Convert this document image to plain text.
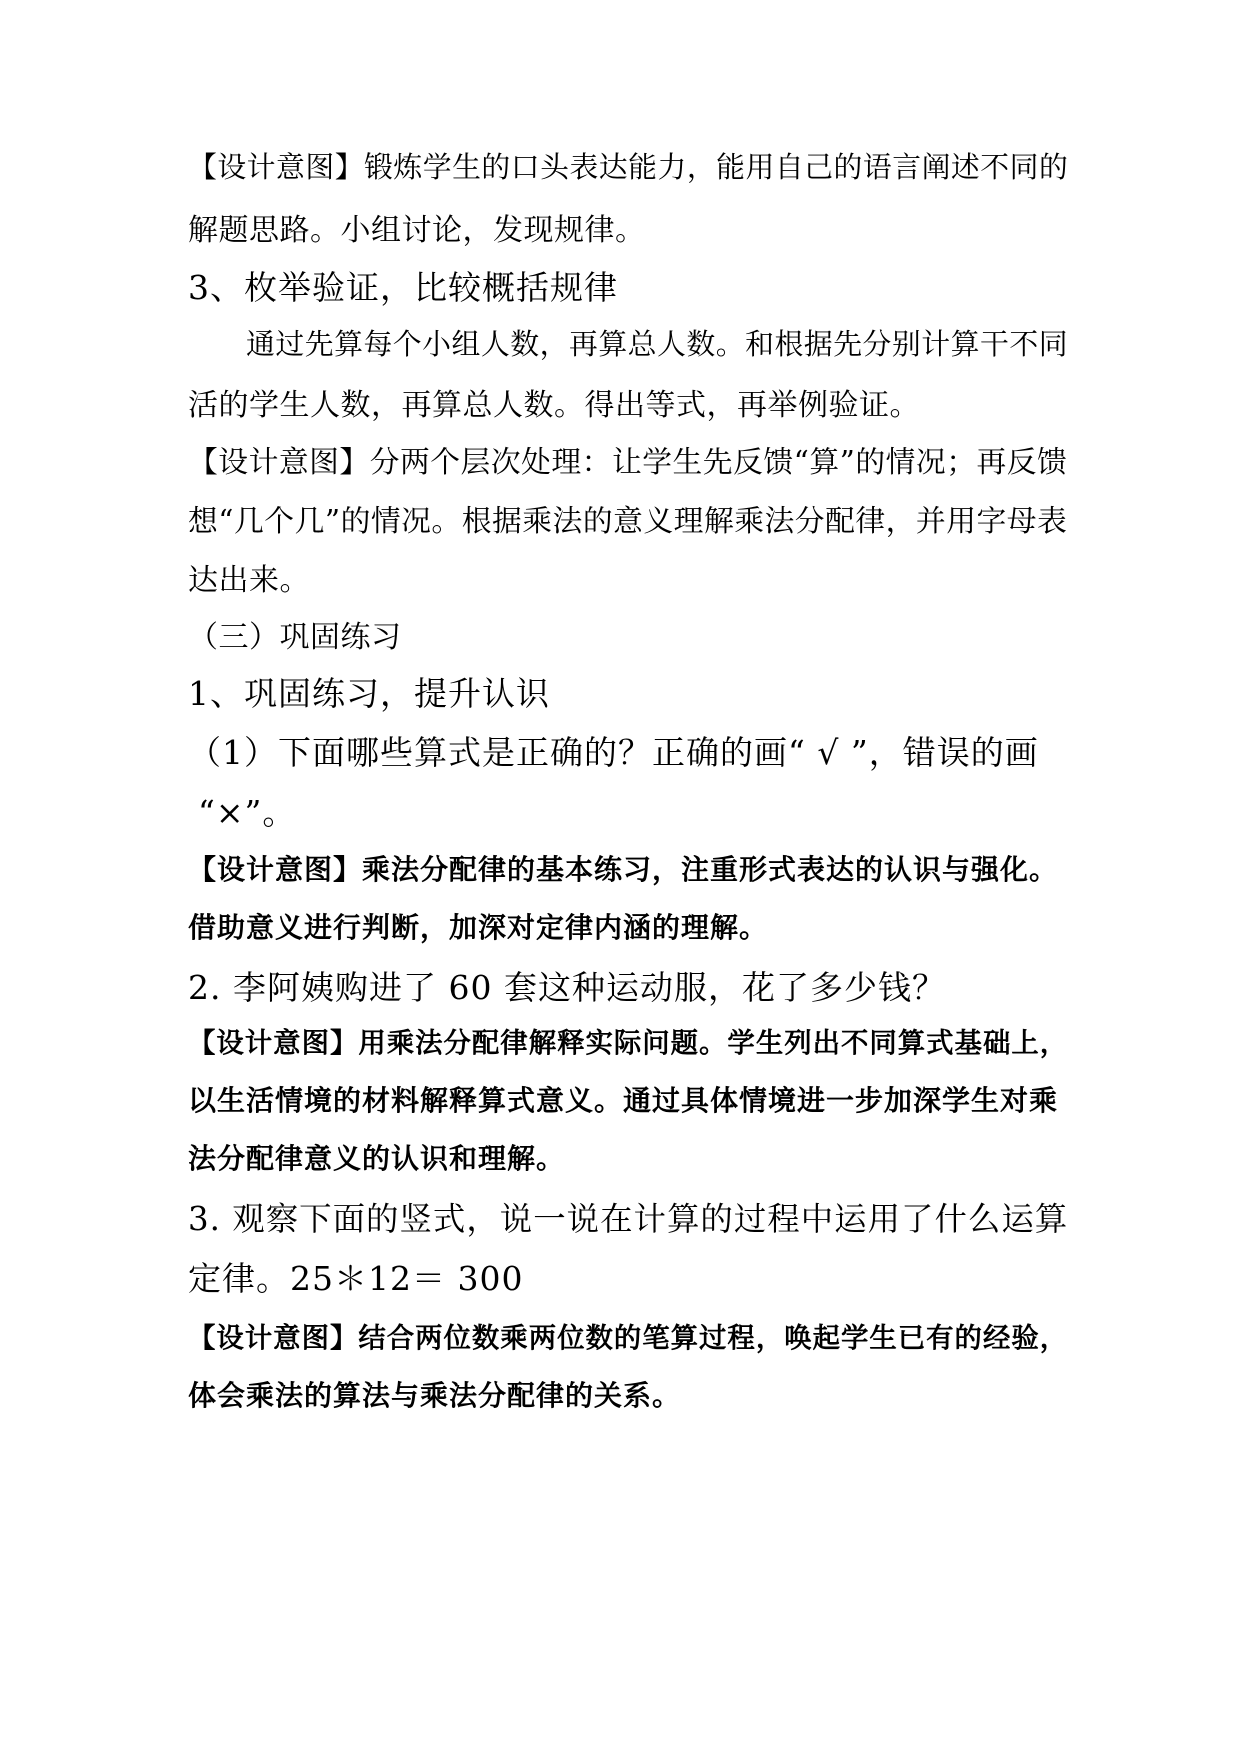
【设计意图】锻炼学生的口头表达能力，能用自己的语言阐述不同的
解题思路。小组讨论，发现规律。
3、枚举验证，比较概括规律
通过先算每个小组人数，再算总人数。和根据先分别计算干不同
活的学生人数，再算总人数。得出等式，再举例验证。
【设计意图】分两个层次处理：让学生先反馈“算”的情况；再反馈
想“几个几”的情况。根据乘法的意义理解乘法分配律，并用字母表
达出来。
（三）巩固练习
1、巩固练习，提升认识
（1）下面哪些算式是正确的？正确的画“ √ ”，错误的画
“×”。
【设计意图】乘法分配律的基本练习，注重形式表达的认识与强化。
借助意义进行判断，加深对定律内涵的理解。
2. 李阿姨购进了 60 套这种运动服，花了多少钱？
【设计意图】用乘法分配律解释实际问题。学生列出不同算式基础上，
以生活情境的材料解释算式意义。通过具体情境进一步加深学生对乘
法分配律意义的认识和理解。
3. 观察下面的竖式，说一说在计算的过程中运用了什么运算
定律。25＊12＝ 300
【设计意图】结合两位数乘两位数的笔算过程，唤起学生已有的经验，
体会乘法的算法与乘法分配律的关系。
